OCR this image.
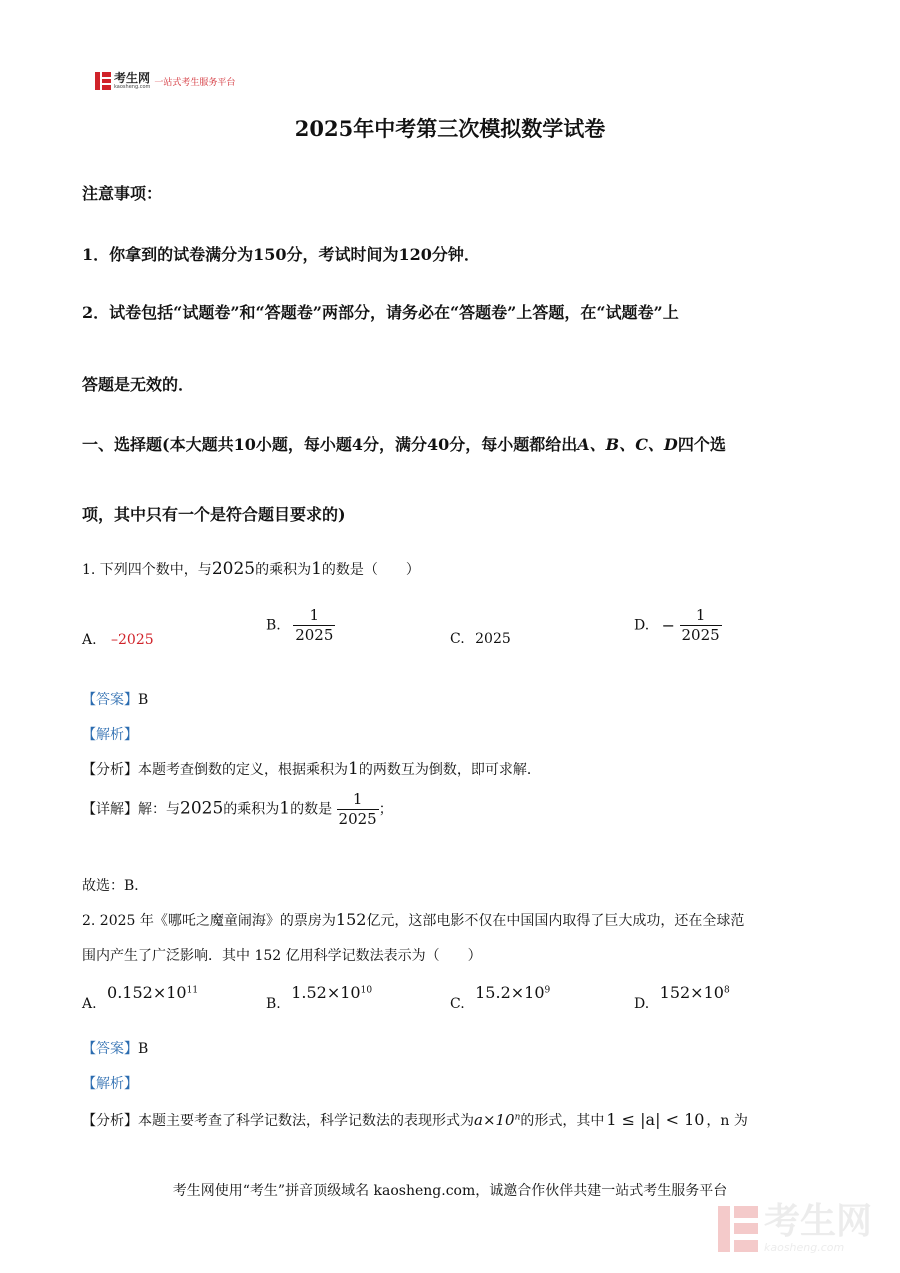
考生网
kaosheng.com 一站式考生服务平台
2025年中考第三次模拟数学试卷
注意事项：
1．你拿到的试卷满分为150分，考试时间为120分钟．
2．试卷包括“试题卷”和“答题卷”两部分，请务必在“答题卷”上答题，在“试题卷”上
答题是无效的．
一、选择题(本大题共10小题，每小题4分，满分40分，每小题都给出A、B、C、D四个选
项，其中只有一个是符合题目要求的)
1. 下列四个数中，与2025的乘积为1的数是（　　）
A. –2025
B. $\frac{1}{2025}$	C. 2025
D. − $\frac{1}{2025}$
【答案】B
【解析】
【分析】本题考查倒数的定义，根据乘积为1的两数互为倒数，即可求解．
【详解】解：与2025的乘积为1的数是 $\frac{1}{2025}$ ；
故选：B．
2. 2025 年《哪吒之魔童闹海》的票房为152亿元，这部电影不仅在中国国内取得了巨大成功，还在全球范
围内产生了广泛影响．其中 152 亿用科学记数法表示为（　　）
A. $0.152\times 10^{11}$
B. $1.52\times 10^{10}$
C. $15.2\times 10^9$
D. $152\times 10^8$
【答案】B
【解析】
【分析】本题主要考查了科学记数法，科学记数法的表现形式为$a\times 10^n$的形式，其中 1 ≤ |a| < 10 ，n 为
考生网使用“考生”拼音顶级域名 kaosheng.com，诚邀合作伙伴共建一站式考生服务平台
考生网
kaosheng.com
